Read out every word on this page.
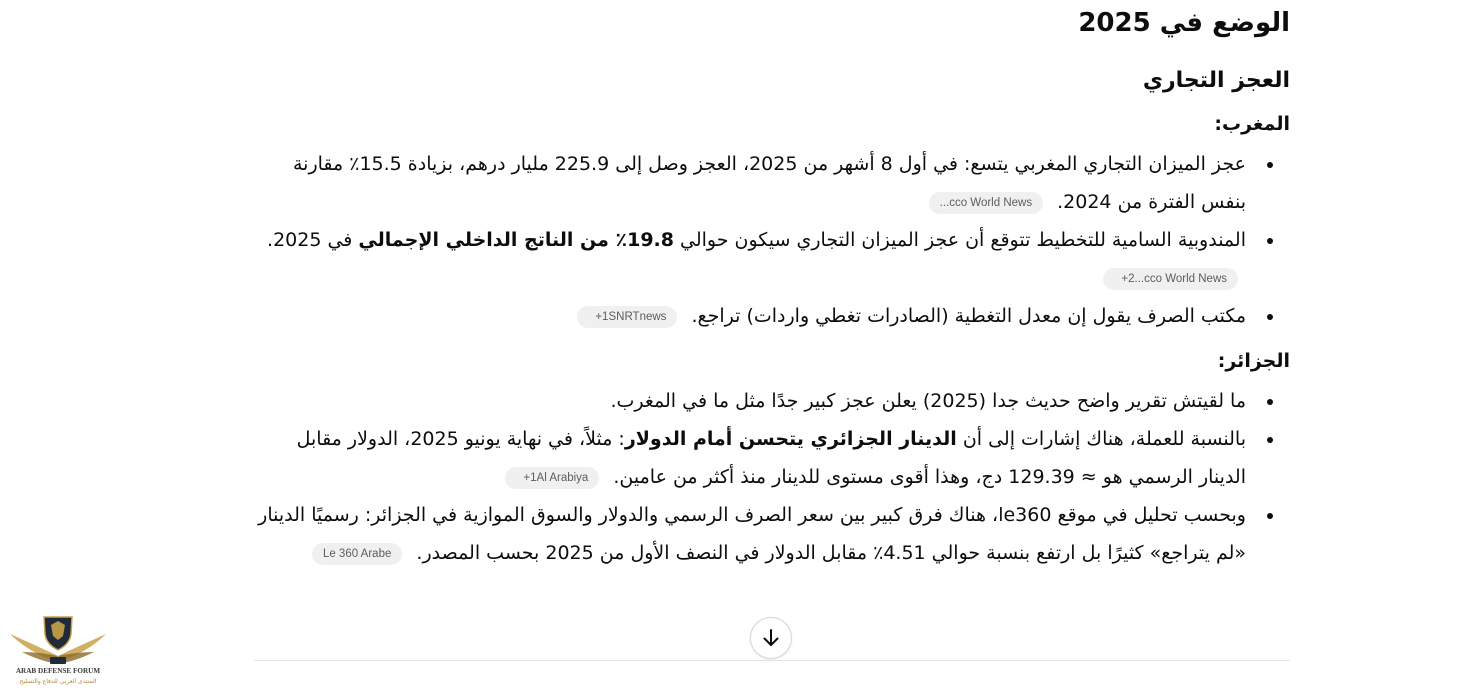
الوضع في 2025
العجز التجاري
المغرب:
عجز الميزان التجاري المغربي يتسع: في أول 8 أشهر من 2025، العجز وصل إلى 225.9 مليار درهم، بزيادة 15.5٪ مقارنة بنفس الفترة من 2024. ...cco World News
المندوبية السامية للتخطيط تتوقع أن عجز الميزان التجاري سيكون حوالي 19.8٪ من الناتج الداخلي الإجمالي في 2025. +2...cco World News
مكتب الصرف يقول إن معدل التغطية (الصادرات تغطي واردات) تراجع. +1SNRTnews
الجزائر:
ما لقيتش تقرير واضح حديث جدا (2025) يعلن عجز كبير جدًا مثل ما في المغرب.
بالنسبة للعملة، هناك إشارات إلى أن الدينار الجزائري يتحسن أمام الدولار: مثلاً، في نهاية يونيو 2025، الدولار مقابل الدينار الرسمي هو ≈ 129.39 دج، وهذا أقوى مستوى للدينار منذ أكثر من عامين. +1Al Arabiya
وبحسب تحليل في موقع le360، هناك فرق كبير بين سعر الصرف الرسمي والدولار والسوق الموازية في الجزائر: رسميًا الدينار «لم يتراجع» كثيرًا بل ارتفع بنسبة حوالي 4.51٪ مقابل الدولار في النصف الأول من 2025 بحسب المصدر. Le 360 Arabe
ARAB DEFENSE FORUM
المنتدى العربي للدفاع والتسليح
